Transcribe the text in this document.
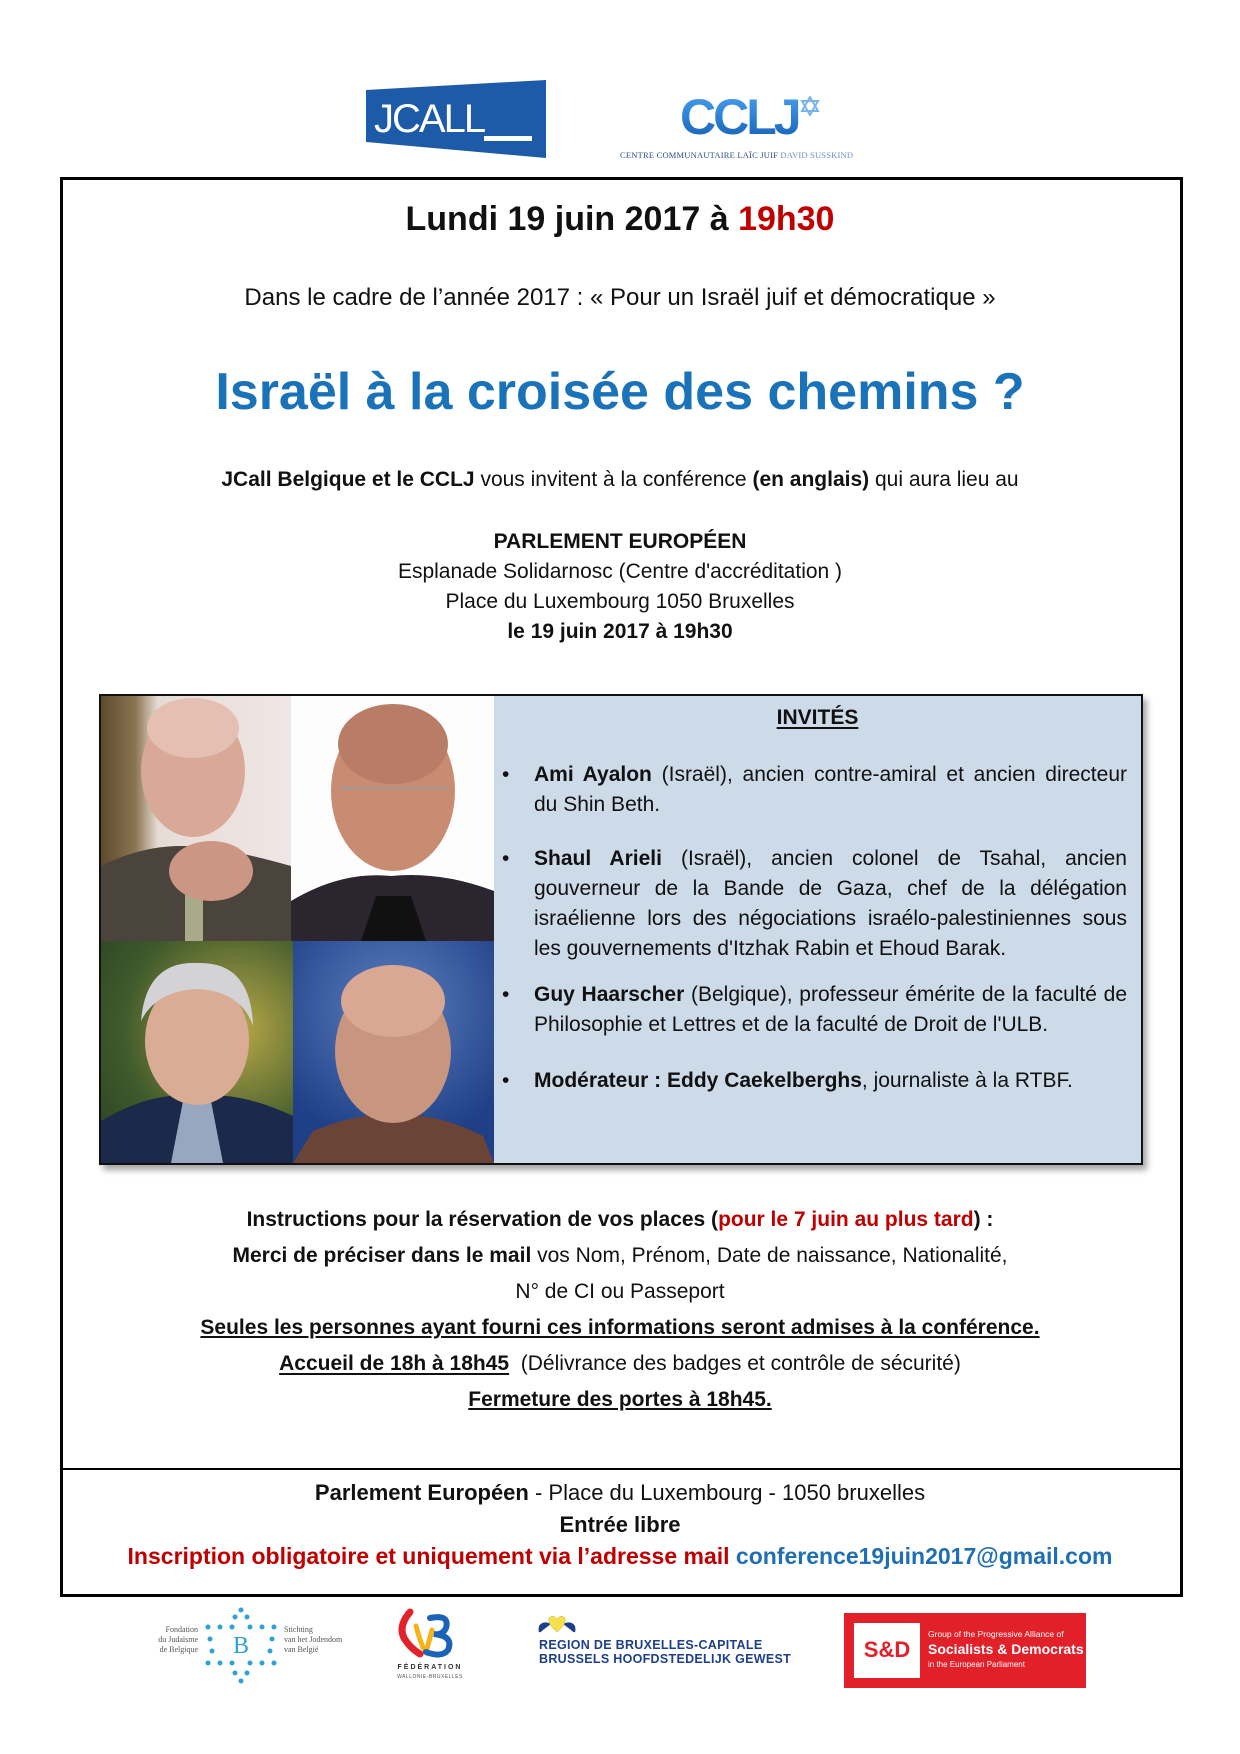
JCALL	CCLJ
CENTRE COMMUNAUTAIRE LAÏC JUIF DAVID SUSSKIND
Lundi 19 juin 2017 à 19h30
Dans le cadre de l’année 2017 : « Pour un Israël juif et démocratique »
Israël à la croisée des chemins ?
JCall Belgique et le CCLJ vous invitent à la conférence (en anglais) qui aura lieu au
PARLEMENT EUROPÉEN
Esplanade Solidarnosc (Centre d'accréditation )
Place du Luxembourg 1050 Bruxelles
le 19 juin 2017 à 19h30
INVITÉS
• Ami Ayalon (Israël), ancien contre-amiral et ancien directeur du Shin Beth.
• Shaul Arieli (Israël), ancien colonel de Tsahal, ancien gouverneur de la Bande de Gaza, chef de la délégation israélienne lors des négociations israélo-palestiniennes sous les gouvernements d'Itzhak Rabin et Ehoud Barak.
• Guy Haarscher (Belgique), professeur émérite de la faculté de Philosophie et Lettres et de la faculté de Droit de l'ULB.
• Modérateur : Eddy Caekelberghs, journaliste à la RTBF.
Instructions pour la réservation de vos places (pour le 7 juin au plus tard) :
Merci de préciser dans le mail vos Nom, Prénom, Date de naissance, Nationalité,
N° de CI ou Passeport
Seules les personnes ayant fourni ces informations seront admises à la conférence.
Accueil de 18h à 18h45  (Délivrance des badges et contrôle de sécurité)
Fermeture des portes à 18h45.
Parlement Européen - Place du Luxembourg - 1050 bruxelles
Entrée libre
Inscription obligatoire et uniquement via l’adresse mail conference19juin2017@gmail.com
Fondation
du Judaïsme
de Belgique B
Stichting
van het Jodendom
van België
FÉDÉRATION
WALLONIE-BRUXELLES
REGION DE BRUXELLES-CAPITALE
BRUSSELS HOOFDSTEDELIJK GEWEST	S&D
Group of the Progressive Alliance of
Socialists & Democrats
in the European Parliament
